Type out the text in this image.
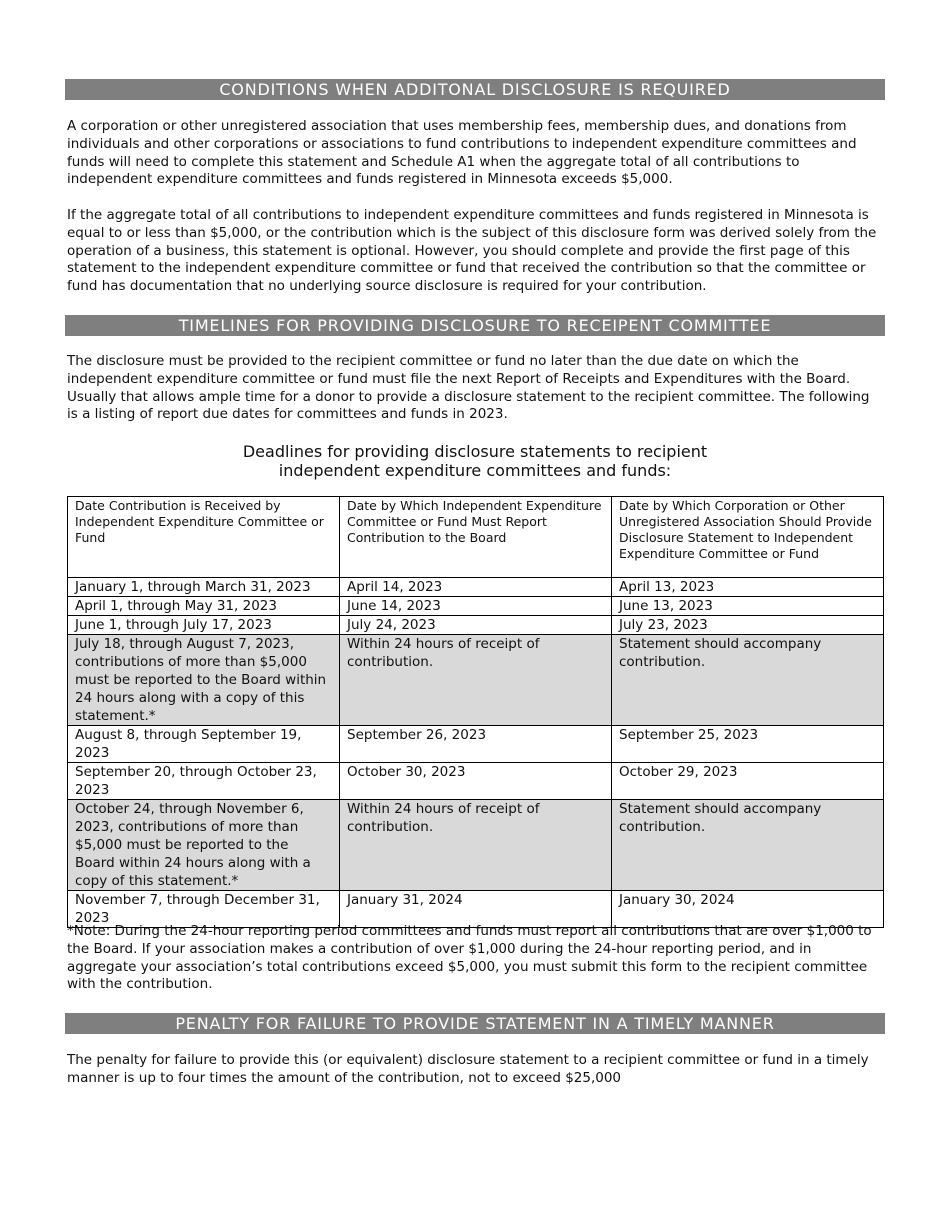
CONDITIONS WHEN ADDITONAL DISCLOSURE IS REQUIRED

A corporation or other unregistered association that uses membership fees, membership dues, and donations from individuals and other corporations or associations to fund contributions to independent expenditure committees and funds will need to complete this statement and Schedule A1 when the aggregate total of all contributions to independent expenditure committees and funds registered in Minnesota exceeds $5,000.

If the aggregate total of all contributions to independent expenditure committees and funds registered in Minnesota is equal to or less than $5,000, or the contribution which is the subject of this disclosure form was derived solely from the operation of a business, this statement is optional. However, you should complete and provide the first page of this statement to the independent expenditure committee or fund that received the contribution so that the committee or fund has documentation that no underlying source disclosure is required for your contribution.

TIMELINES FOR PROVIDING DISCLOSURE TO RECEIPENT COMMITTEE

The disclosure must be provided to the recipient committee or fund no later than the due date on which the independent expenditure committee or fund must file the next Report of Receipts and Expenditures with the Board. Usually that allows ample time for a donor to provide a disclosure statement to the recipient committee. The following is a listing of report due dates for committees and funds in 2023.

Deadlines for providing disclosure statements to recipient
independent expenditure committees and funds:
Date Contribution is Received by Independent Expenditure Committee or Fund	Date by Which Independent Expenditure Committee or Fund Must Report Contribution to the Board	Date by Which Corporation or Other Unregistered Association Should Provide Disclosure Statement to Independent Expenditure Committee or Fund
January 1, through March 31, 2023	April 14, 2023	April 13, 2023
April 1, through May 31, 2023	June 14, 2023	June 13, 2023
June 1, through July 17, 2023	July 24, 2023	July 23, 2023
July 18, through August 7, 2023, contributions of more than $5,000 must be reported to the Board within 24 hours along with a copy of this statement.*	Within 24 hours of receipt of contribution.	Statement should accompany contribution.
August 8, through September 19, 2023	September 26, 2023	September 25, 2023
September 20, through October 23, 2023	October 30, 2023	October 29, 2023
October 24, through November 6, 2023, contributions of more than $5,000 must be reported to the Board within 24 hours along with a copy of this statement.*	Within 24 hours of receipt of contribution.	Statement should accompany contribution.
November 7, through December 31, 2023	January 31, 2024	January 30, 2024

*Note: During the 24-hour reporting period committees and funds must report all contributions that are over $1,000 to the Board. If your association makes a contribution of over $1,000 during the 24-hour reporting period, and in aggregate your association’s total contributions exceed $5,000, you must submit this form to the recipient committee with the contribution.

PENALTY FOR FAILURE TO PROVIDE STATEMENT IN A TIMELY MANNER

The penalty for failure to provide this (or equivalent) disclosure statement to a recipient committee or fund in a timely manner is up to four times the amount of the contribution, not to exceed $25,000
